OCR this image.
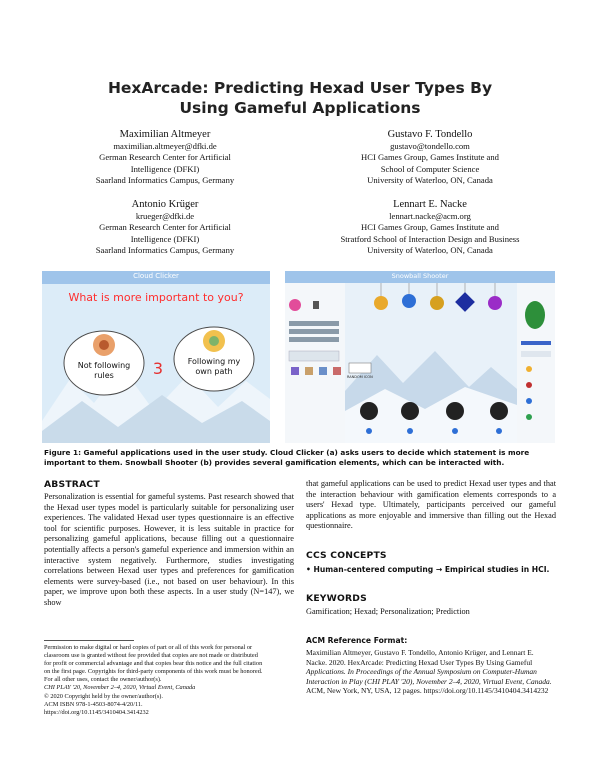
HexArcade: Predicting Hexad User Types By
Using Gameful Applications
Maximilian Altmeyer
maximilian.altmeyer@dfki.de
German Research Center for Artificial
Intelligence (DFKI)
Saarland Informatics Campus, Germany
Gustavo F. Tondello
gustavo@tondello.com
HCI Games Group, Games Institute and
School of Computer Science
University of Waterloo, ON, Canada
Antonio Krüger
krueger@dfki.de
German Research Center for Artificial
Intelligence (DFKI)
Saarland Informatics Campus, Germany
Lennart E. Nacke
lennart.nacke@acm.org
HCI Games Group, Games Institute and
Stratford School of Interaction Design and Business
University of Waterloo, ON, Canada
Cloud Clicker
What is more important to you?
Not following rules
Following my own path
3
Snowball Shooter
RANDOM ICON
Figure 1: Gameful applications used in the user study. Cloud Clicker (a) asks users to decide which statement is more important to them. Snowball Shooter (b) provides several gamification elements, which can be interacted with.
ABSTRACT
Personalization is essential for gameful systems. Past research showed that the Hexad user types model is particularly suitable for personalizing user experiences. The validated Hexad user types questionnaire is an effective tool for scientific purposes. However, it is less suitable in practice for personalizing gameful applications, because filling out a questionnaire potentially affects a person's gameful experience and immersion within an interactive system negatively. Furthermore, studies investigating correlations between Hexad user types and preferences for gamification elements were survey-based (i.e., not based on user behaviour). In this paper, we improve upon both these aspects. In a user study (N=147), we show
Permission to make digital or hard copies of part or all of this work for personal or
classroom use is granted without fee provided that copies are not made or distributed
for profit or commercial advantage and that copies bear this notice and the full citation
on the first page. Copyrights for third-party components of this work must be honored.
For all other uses, contact the owner/author(s).
CHI PLAY '20, November 2–4, 2020, Virtual Event, Canada
© 2020 Copyright held by the owner/author(s).
ACM ISBN 978-1-4503-8074-4/20/11.
https://doi.org/10.1145/3410404.3414232
that gameful applications can be used to predict Hexad user types and that the interaction behaviour with gamification elements corresponds to a users' Hexad type. Ultimately, participants perceived our gameful applications as more enjoyable and immersive than filling out the Hexad questionnaire.
CCS CONCEPTS
• Human-centered computing → Empirical studies in HCI.
KEYWORDS
Gamification; Hexad; Personalization; Prediction
ACM Reference Format:
Maximilian Altmeyer, Gustavo F. Tondello, Antonio Krüger, and Lennart E.
Nacke. 2020. HexArcade: Predicting Hexad User Types By Using Gameful
Applications. In Proceedings of the Annual Symposium on Computer-Human
Interaction in Play (CHI PLAY '20), November 2–4, 2020, Virtual Event, Canada.
ACM, New York, NY, USA, 12 pages. https://doi.org/10.1145/3410404.3414232
